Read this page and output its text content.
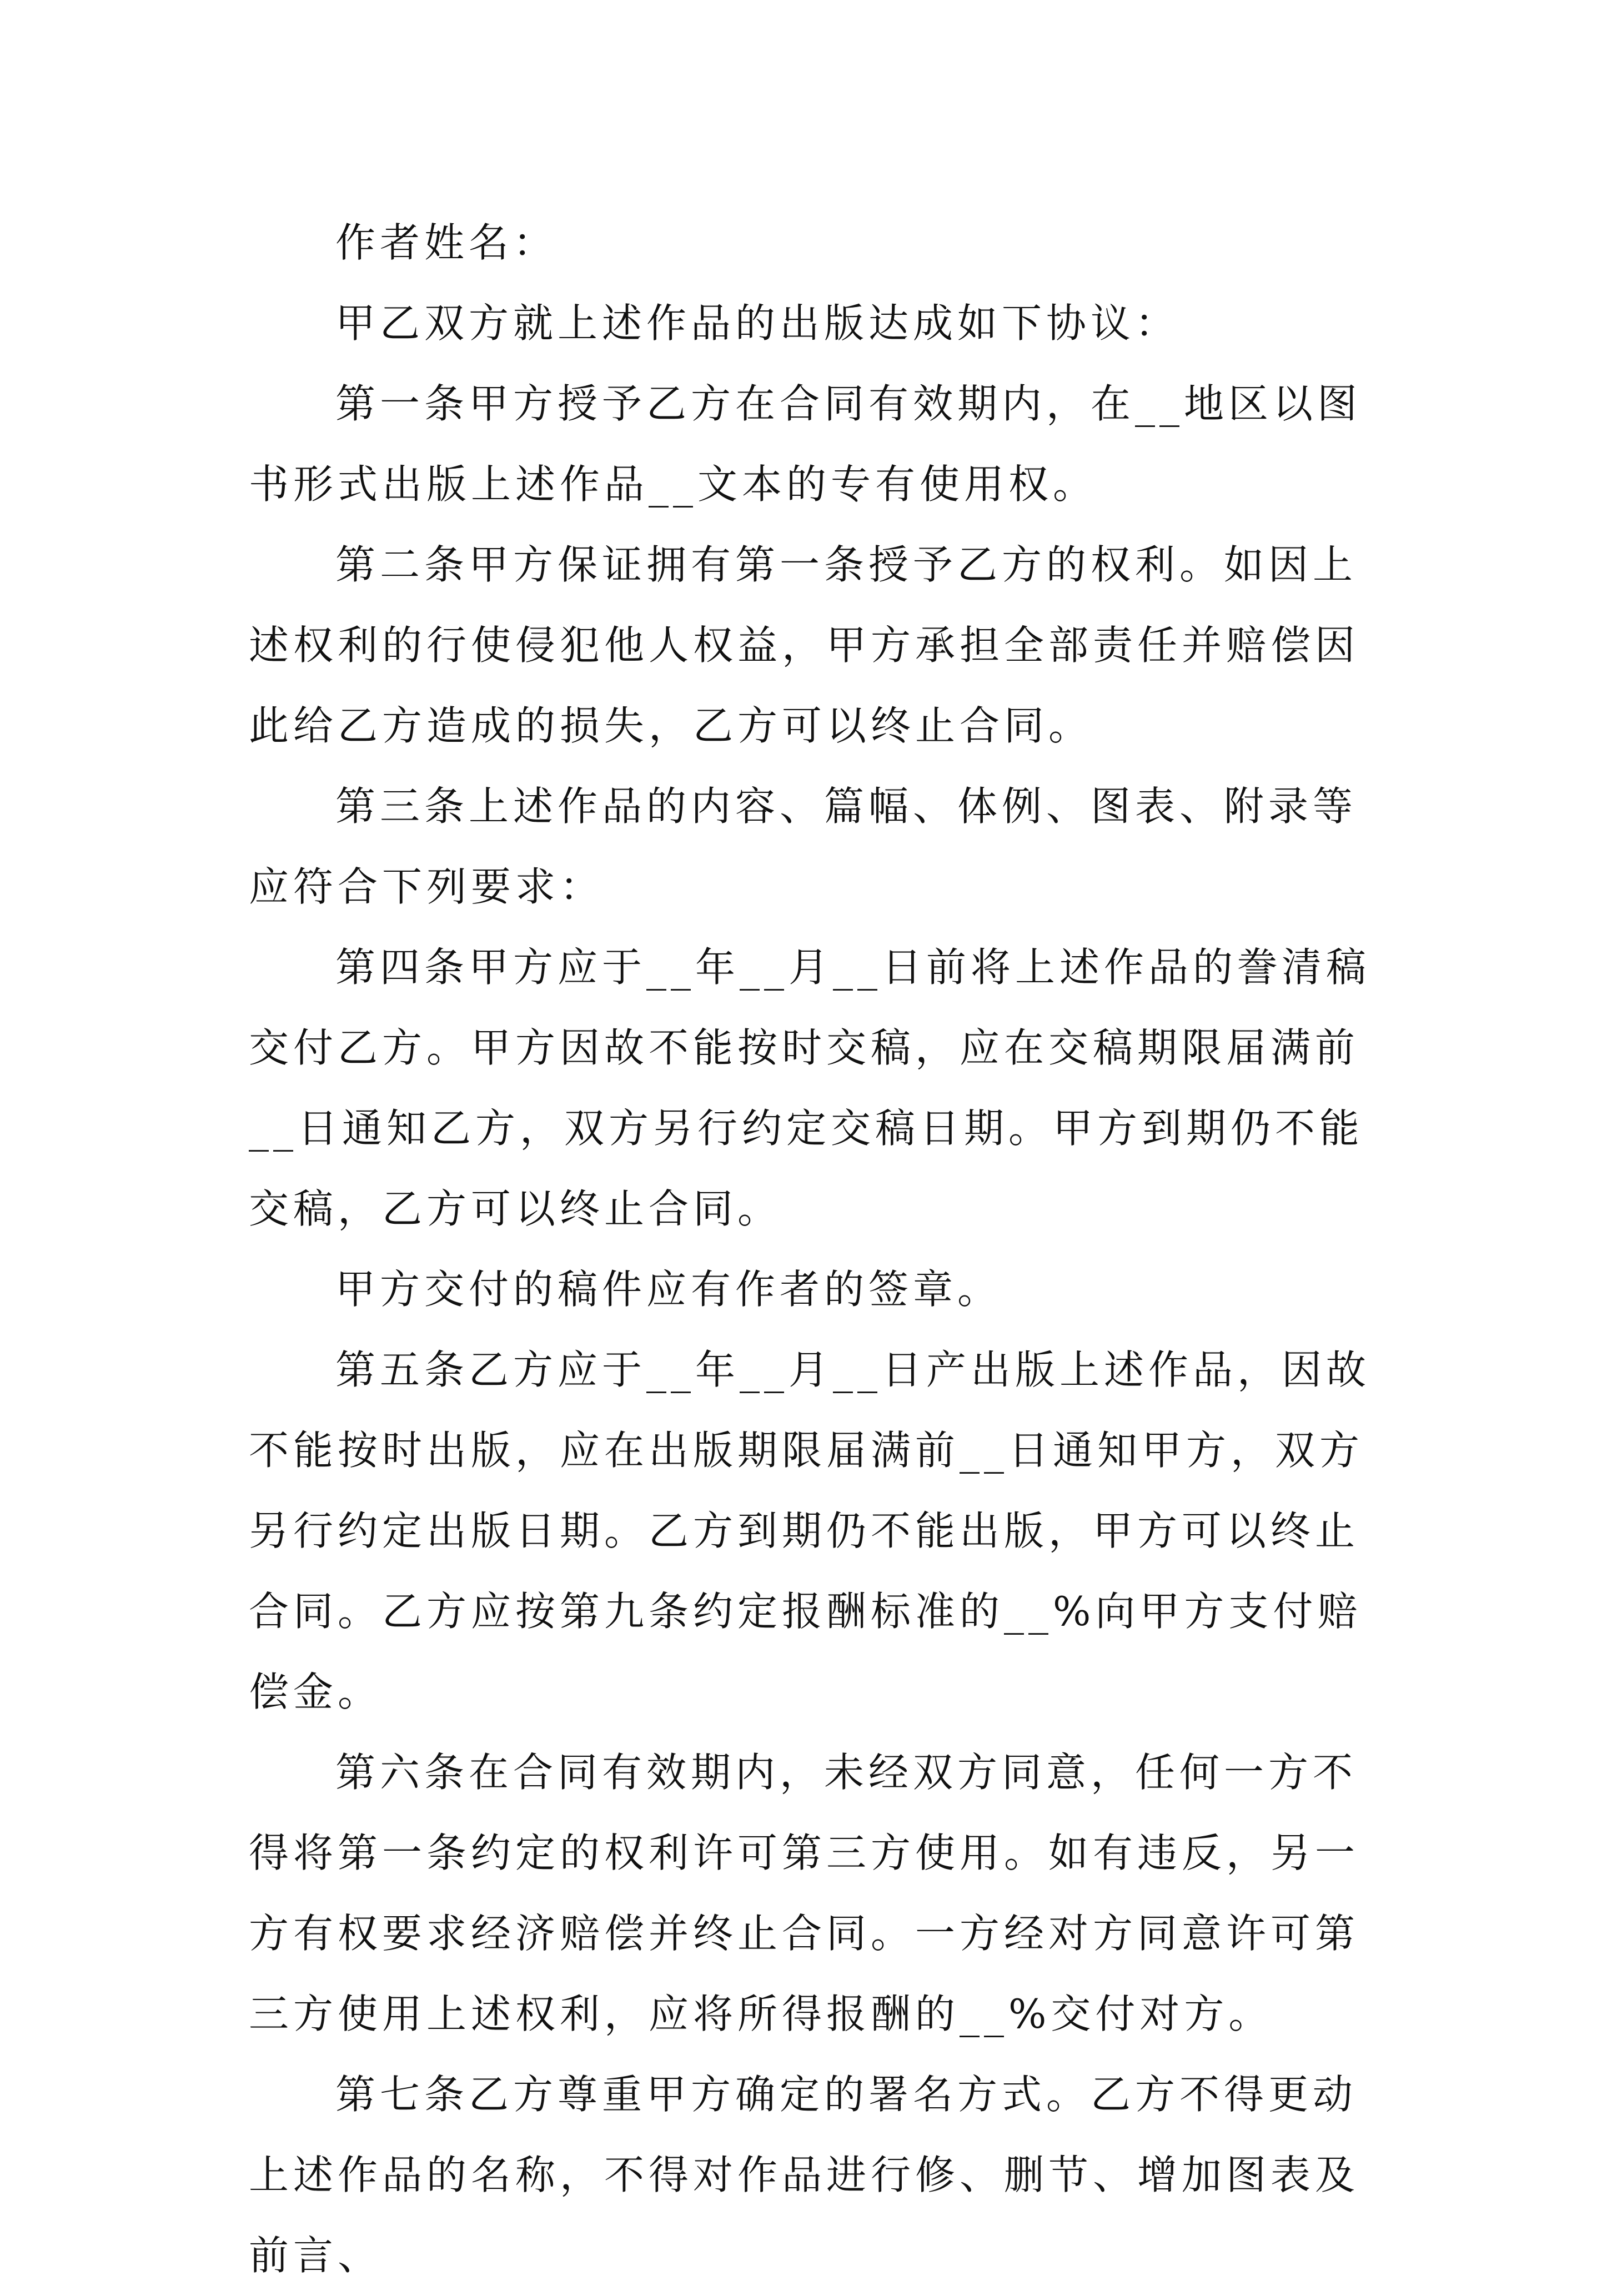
作者姓名：

甲乙双方就上述作品的出版达成如下协议：

第一条甲方授予乙方在合同有效期内，在__地区以图书形式出版上述作品__文本的专有使用权。

第二条甲方保证拥有第一条授予乙方的权利。如因上述权利的行使侵犯他人权益，甲方承担全部责任并赔偿因此给乙方造成的损失，乙方可以终止合同。

第三条上述作品的内容、篇幅、体例、图表、附录等应符合下列要求：

第四条甲方应于__年__月__日前将上述作品的誊清稿交付乙方。甲方因故不能按时交稿，应在交稿期限届满前__日通知乙方，双方另行约定交稿日期。甲方到期仍不能交稿，乙方可以终止合同。

甲方交付的稿件应有作者的签章。

第五条乙方应于__年__月__日产出版上述作品，因故不能按时出版，应在出版期限届满前__日通知甲方，双方另行约定出版日期。乙方到期仍不能出版，甲方可以终止合同。乙方应按第九条约定报酬标准的__%向甲方支付赔偿金。

第六条在合同有效期内，未经双方同意，任何一方不得将第一条约定的权利许可第三方使用。如有违反，另一方有权要求经济赔偿并终止合同。一方经对方同意许可第三方使用上述权利，应将所得报酬的__%交付对方。

第七条乙方尊重甲方确定的署名方式。乙方不得更动上述作品的名称，不得对作品进行修、删节、增加图表及前言、
